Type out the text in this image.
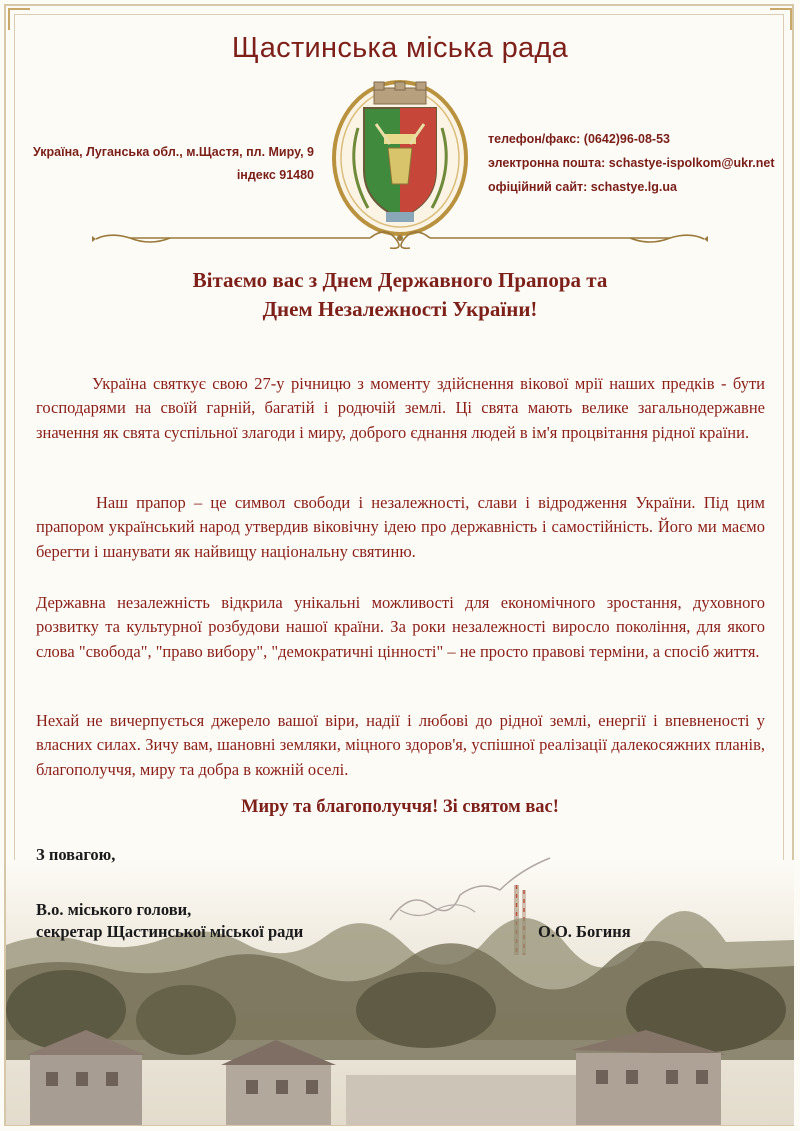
Щастинська міська рада
Україна, Луганська обл., м.Щастя, пл. Миру, 9
індекс 91480
телефон/факс: (0642)96-08-53
электронна пошта: schastye-ispolkom@ukr.net
офіційний сайт: schastye.lg.ua
Вітаємо вас з Днем Державного Прапора та
Днем Незалежності України!
Україна святкує свою 27-у річницю з моменту здійснення вікової мрії наших предків - бути господарями на своїй гарній, багатій і родючій землі. Ці свята мають велике загальнодержавне значення як свята суспільної злагоди і миру, доброго єднання людей в ім'я процвітання рідної країни.
Наш прапор – це символ свободи і незалежності, слави і відродження України. Під цим прапором український народ утвердив віковічну ідею про державність і самостійність. Його ми маємо берегти і шанувати як найвищу національну святиню.
Державна незалежність відкрила унікальні можливості для економічного зростання, духовного розвитку та культурної розбудови нашої країни. За роки незалежності виросло покоління, для якого слова "свобода", "право вибору", "демократичні цінності" – не просто правові терміни, а спосіб життя.
Нехай не вичерпується джерело вашої віри, надії і любові до рідної землі, енергії і впевненості у власних силах. Зичу вам, шановні земляки, міцного здоров'я, успішної реалізації далекосяжних планів, благополуччя, миру та добра в кожній оселі.
Миру та благополуччя! Зі святом вас!
З повагою,
В.о. міського голови,
секретар Щастинської міської ради	О.О. Богиня
